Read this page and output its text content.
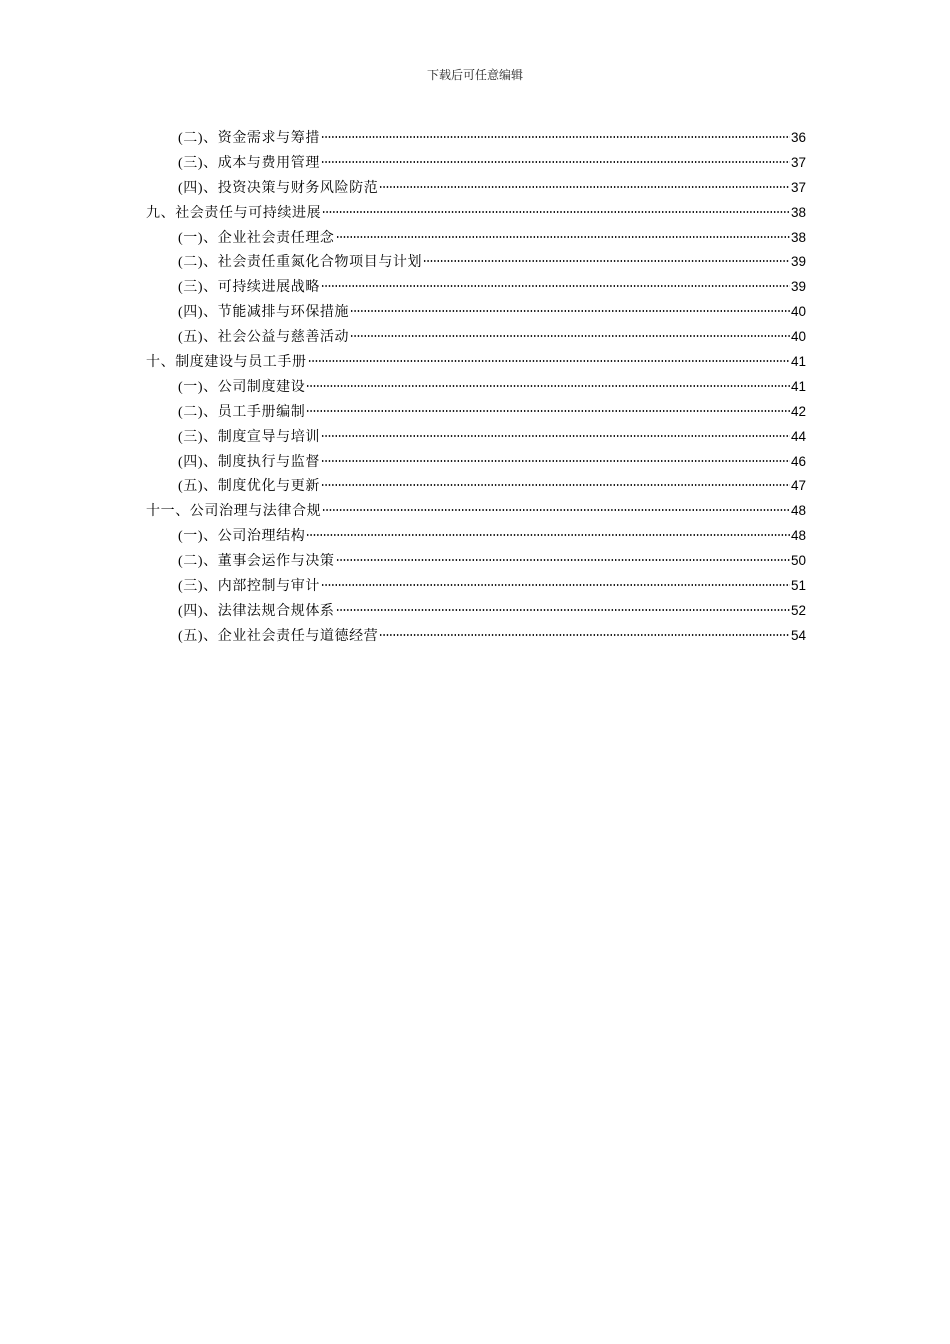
下载后可任意编辑
(二)、资金需求与筹措	36
(三)、成本与费用管理	37
(四)、投资决策与财务风险防范	37
九、社会责任与可持续进展	38
(一)、企业社会责任理念	38
(二)、社会责任重氮化合物项目与计划	39
(三)、可持续进展战略	39
(四)、节能减排与环保措施	40
(五)、社会公益与慈善活动	40
十、制度建设与员工手册	41
(一)、公司制度建设	41
(二)、员工手册编制	42
(三)、制度宣导与培训	44
(四)、制度执行与监督	46
(五)、制度优化与更新	47
十一、公司治理与法律合规	48
(一)、公司治理结构	48
(二)、董事会运作与决策	50
(三)、内部控制与审计	51
(四)、法律法规合规体系	52
(五)、企业社会责任与道德经营	54
